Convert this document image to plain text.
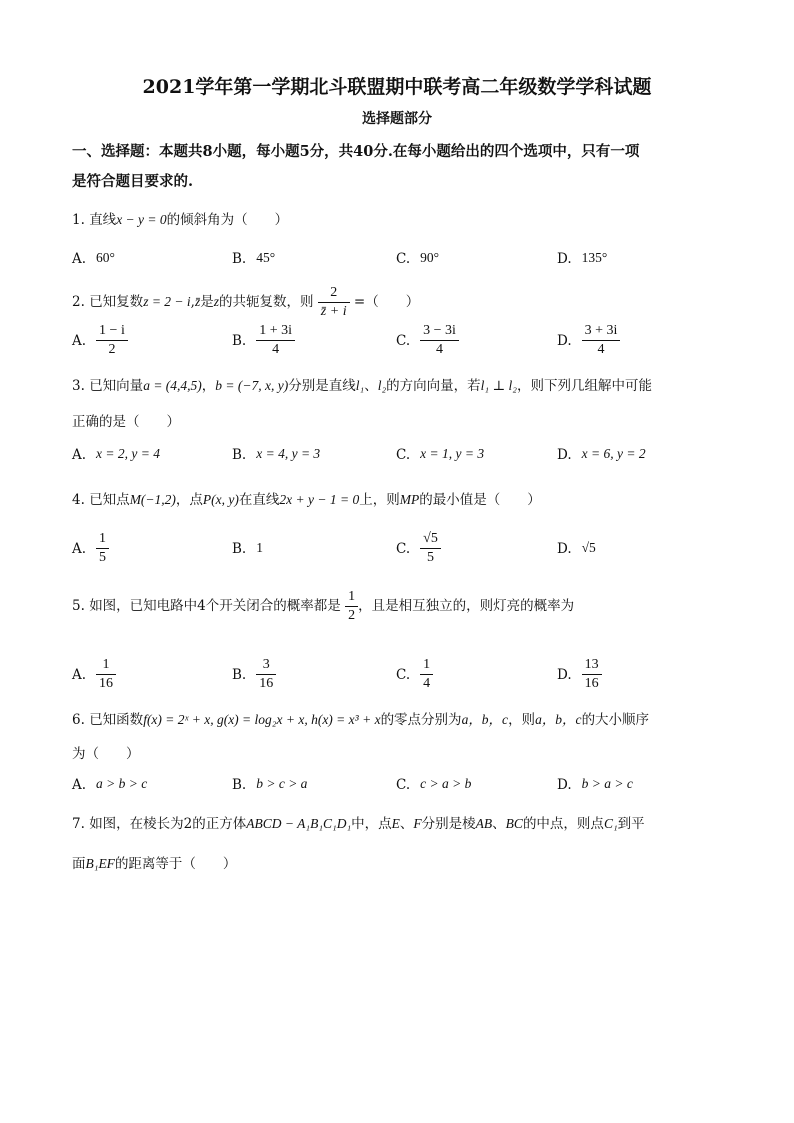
2021学年第一学期北斗联盟期中联考高二年级数学学科试题
选择题部分
一、选择题：本题共8小题，每小题5分，共40分.在每小题给出的四个选项中，只有一项
是符合题目要求的.
1. 直线x − y = 0的倾斜角为（　　）
A. 60°	B. 45°	C. 90°	D. 135°
2. 已知复数z = 2 − i,z̄是z的共轭复数，则 $\frac{2}{z̄ + i}$ =（　　）
A. $\frac{1 - i}{2}$	B. $\frac{1 + 3i}{4}$	C. $\frac{3 - 3i}{4}$	D. $\frac{3 + 3i}{4}$
3. 已知向量a = (4,4,5)，b = (−7, x, y)分别是直线l₁、l₂的方向向量，若l₁ ⊥ l₂，则下列几组解中可能
正确的是（　　）
A. x = 2, y = 4	B. x = 4, y = 3	C. x = 1, y = 3	D. x = 6, y = 2
4. 已知点M(−1,2)，点P(x, y)在直线2x + y − 1 = 0上，则MP的最小值是（　　）
A. $\frac{1}{5}$	B. 1	C. $\frac{√5}{5}$	D. √5
5. 如图，已知电路中4个开关闭合的概率都是 $\frac{1}{2}$ ，且是相互独立的，则灯亮的概率为
A. $\frac{1}{16}$	B. $\frac{3}{16}$	C. $\frac{1}{4}$	D. $\frac{13}{16}$
6. 已知函数f(x) = 2ˣ + x, g(x) = log₂x + x, h(x) = x³ + x的零点分别为a，b，c，则a，b，c的大小顺序
为（　　）
A. a > b > c	B. b > c > a	C. c > a > b	D. b > a > c
7. 如图，在棱长为2的正方体ABCD − A₁B₁C₁D₁中，点E、F分别是棱AB、BC的中点，则点C₁到平
面B₁EF的距离等于（　　）
